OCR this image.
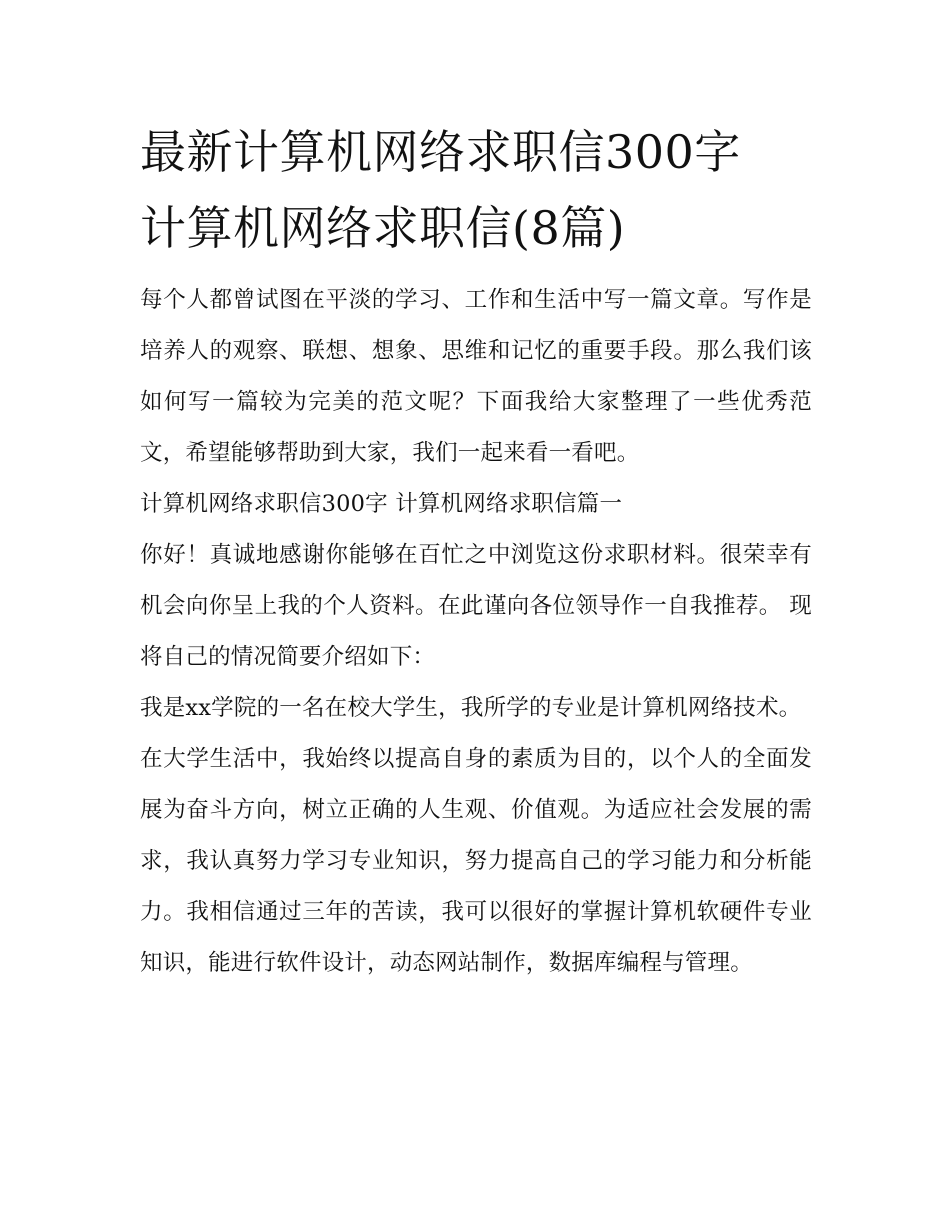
最新计算机网络求职信300字
计算机网络求职信(8篇)

每个人都曾试图在平淡的学习、工作和生活中写一篇文章。写作是培养人的观察、联想、想象、思维和记忆的重要手段。那么我们该如何写一篇较为完美的范文呢？下面我给大家整理了一些优秀范文，希望能够帮助到大家，我们一起来看一看吧。

计算机网络求职信300字 计算机网络求职信篇一

你好！真诚地感谢你能够在百忙之中浏览这份求职材料。很荣幸有机会向你呈上我的个人资料。在此谨向各位领导作一自我推荐。 现将自己的情况简要介绍如下：

我是xx学院的一名在校大学生，我所学的专业是计算机网络技术。

在大学生活中，我始终以提高自身的素质为目的，以个人的全面发展为奋斗方向，树立正确的人生观、价值观。为适应社会发展的需求，我认真努力学习专业知识，努力提高自己的学习能力和分析能力。我相信通过三年的苦读，我可以很好的掌握计算机软硬件专业知识，能进行软件设计，动态网站制作，数据库编程与管理。
